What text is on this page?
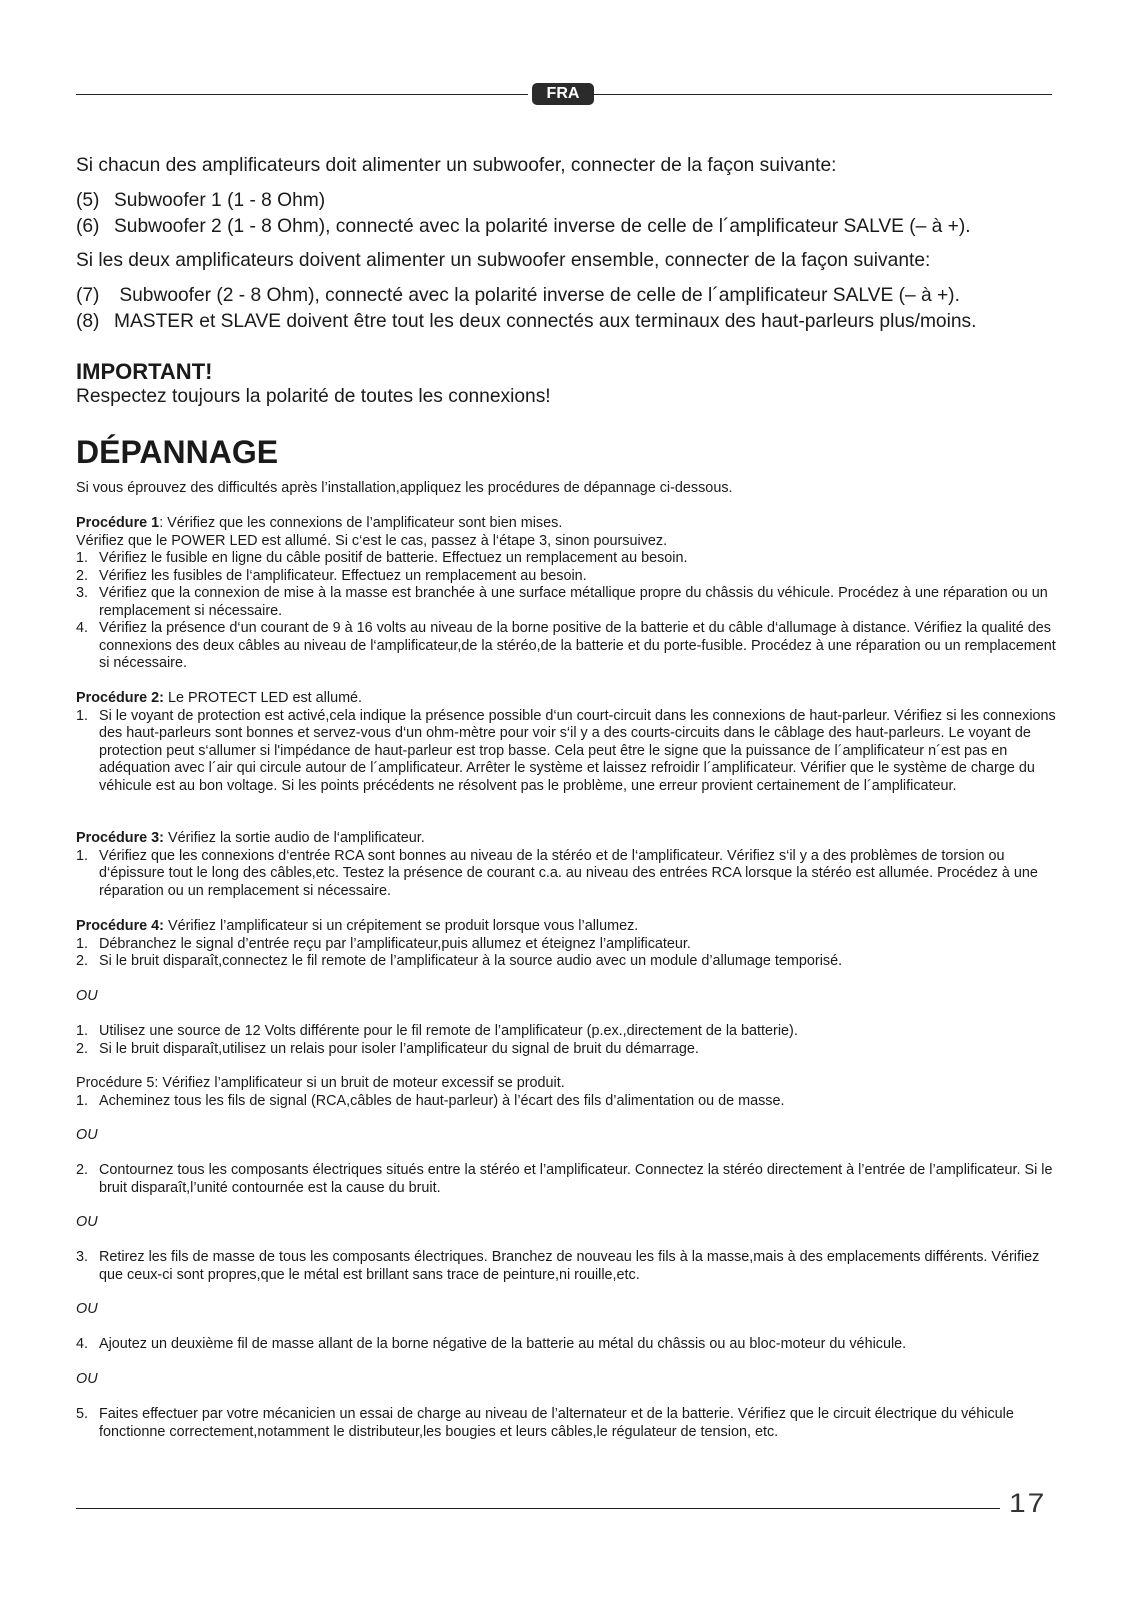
FRA
Si chacun des amplificateurs doit alimenter un subwoofer, connecter de la façon suivante:
(5) Subwoofer 1 (1 - 8 Ohm)
(6) Subwoofer 2 (1 - 8 Ohm), connecté avec la polarité inverse de celle de l´amplificateur SALVE (– à +).
Si les deux amplificateurs doivent alimenter un subwoofer ensemble, connecter de la façon suivante:
(7) Subwoofer (2 - 8 Ohm), connecté avec la polarité inverse de celle de l´amplificateur SALVE (– à +).
(8) MASTER et SLAVE doivent être tout les deux connectés aux terminaux des haut-parleurs plus/moins.
IMPORTANT!
Respectez toujours la polarité de toutes les connexions!
DÉPANNAGE
Si vous éprouvez des difficultés après l’installation,appliquez les procédures de dépannage ci-dessous.
Procédure 1: Vérifiez que les connexions de l’amplificateur sont bien mises.
Vérifiez que le POWER LED est allumé. Si c‘est le cas, passez à l‘étape 3, sinon poursuivez.
1. Vérifiez le fusible en ligne du câble positif de batterie. Effectuez un remplacement au besoin.
2. Vérifiez les fusibles de l‘amplificateur. Effectuez un remplacement au besoin.
3. Vérifiez que la connexion de mise à la masse est branchée à une surface métallique propre du châssis du véhicule. Procédez à une réparation ou un remplacement si nécessaire.
4. Vérifiez la présence d‘un courant de 9 à 16 volts au niveau de la borne positive de la batterie et du câble d‘allumage à distance. Vérifiez la qualité des connexions des deux câbles au niveau de l‘amplificateur,de la stéréo,de la batterie et du porte-fusible. Procédez à une réparation ou un remplacement si nécessaire.
Procédure 2: Le PROTECT LED est allumé.
1. Si le voyant de protection est activé,cela indique la présence possible d‘un court-circuit dans les connexions de haut-parleur. Vérifiez si les connexions des haut-parleurs sont bonnes et servez-vous d‘un ohm-mètre pour voir s‘il y a des courts-circuits dans le câblage des haut-parleurs. Le voyant de protection peut s‘allumer si l'impédance de haut-parleur est trop basse. Cela peut être le signe que la puissance de l´amplificateur n´est pas en adéquation avec l´air qui circule autour de l´amplificateur. Arrêter le système et laissez refroidir l´amplificateur. Vérifier que le système de charge du véhicule est au bon voltage. Si les points précédents ne résolvent pas le problème, une erreur provient certainement de l´amplificateur.
Procédure 3: Vérifiez la sortie audio de l‘amplificateur.
1. Vérifiez que les connexions d‘entrée RCA sont bonnes au niveau de la stéréo et de l‘amplificateur. Vérifiez s‘il y a des problèmes de torsion ou d‘épissure tout le long des câbles,etc. Testez la présence de courant c.a. au niveau des entrées RCA lorsque la stéréo est allumée. Procédez à une réparation ou un remplacement si nécessaire.
Procédure 4: Vérifiez l’amplificateur si un crépitement se produit lorsque vous l’allumez.
1. Débranchez le signal d’entrée reçu par l’amplificateur,puis allumez et éteignez l’amplificateur.
2. Si le bruit disparaît,connectez le fil remote de l’amplificateur à la source audio avec un module d’allumage temporisé.
OU
1. Utilisez une source de 12 Volts différente pour le fil remote de l’amplificateur (p.ex.,directement de la batterie).
2. Si le bruit disparaît,utilisez un relais pour isoler l’amplificateur du signal de bruit du démarrage.
Procédure 5: Vérifiez l’amplificateur si un bruit de moteur excessif se produit.
1. Acheminez tous les fils de signal (RCA,câbles de haut-parleur) à l’écart des fils d’alimentation ou de masse.
OU
2. Contournez tous les composants électriques situés entre la stéréo et l’amplificateur. Connectez la stéréo directement à l’entrée de l’amplificateur. Si le bruit disparaît,l’unité contournée est la cause du bruit.
OU
3. Retirez les fils de masse de tous les composants électriques. Branchez de nouveau les fils à la masse,mais à des emplacements différents. Vérifiez que ceux-ci sont propres,que le métal est brillant sans trace de peinture,ni rouille,etc.
OU
4. Ajoutez un deuxième fil de masse allant de la borne négative de la batterie au métal du châssis ou au bloc-moteur du véhicule.
OU
5. Faites effectuer par votre mécanicien un essai de charge au niveau de l’alternateur et de la batterie. Vérifiez que le circuit électrique du véhicule fonctionne correctement,notamment le distributeur,les bougies et leurs câbles,le régulateur de tension, etc.
17
